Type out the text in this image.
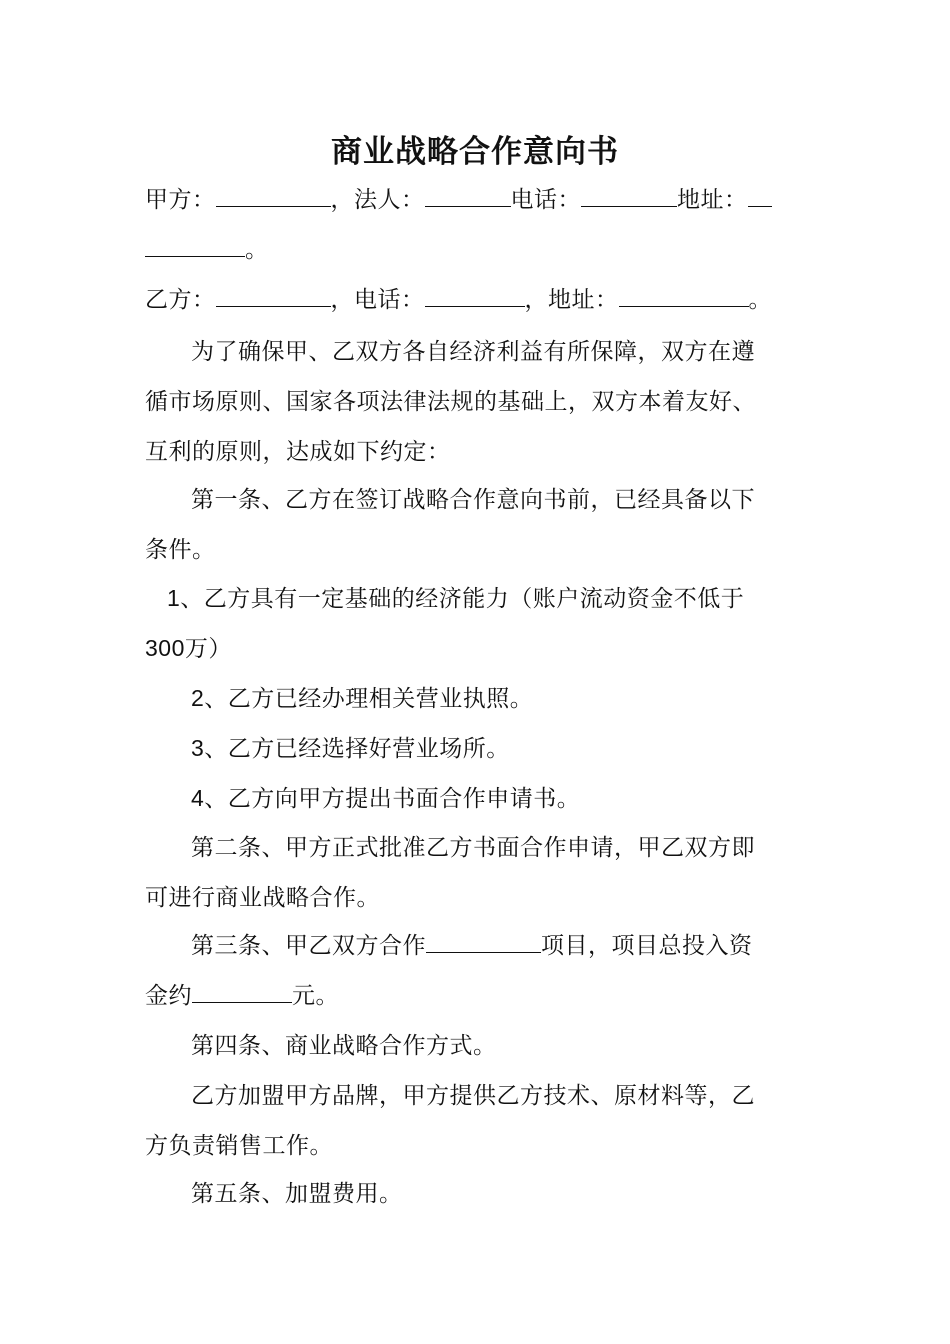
商业战略合作意向书
甲方：	，法人：	电话：	地址：
。
乙方：	，电话：	，地址：	。
为了确保甲、乙双方各自经济利益有所保障，双方在遵
循市场原则、国家各项法律法规的基础上，双方本着友好、
互利的原则，达成如下约定：
第一条、乙方在签订战略合作意向书前，已经具备以下
条件。
1、乙方具有一定基础的经济能力（账户流动资金不低于
300万）
2、乙方已经办理相关营业执照。
3、乙方已经选择好营业场所。
4、乙方向甲方提出书面合作申请书。
第二条、甲方正式批准乙方书面合作申请，甲乙双方即
可进行商业战略合作。
第三条、甲乙双方合作	项目，项目总投入资
金约	元。
第四条、商业战略合作方式。
乙方加盟甲方品牌，甲方提供乙方技术、原材料等，乙
方负责销售工作。
第五条、加盟费用。
